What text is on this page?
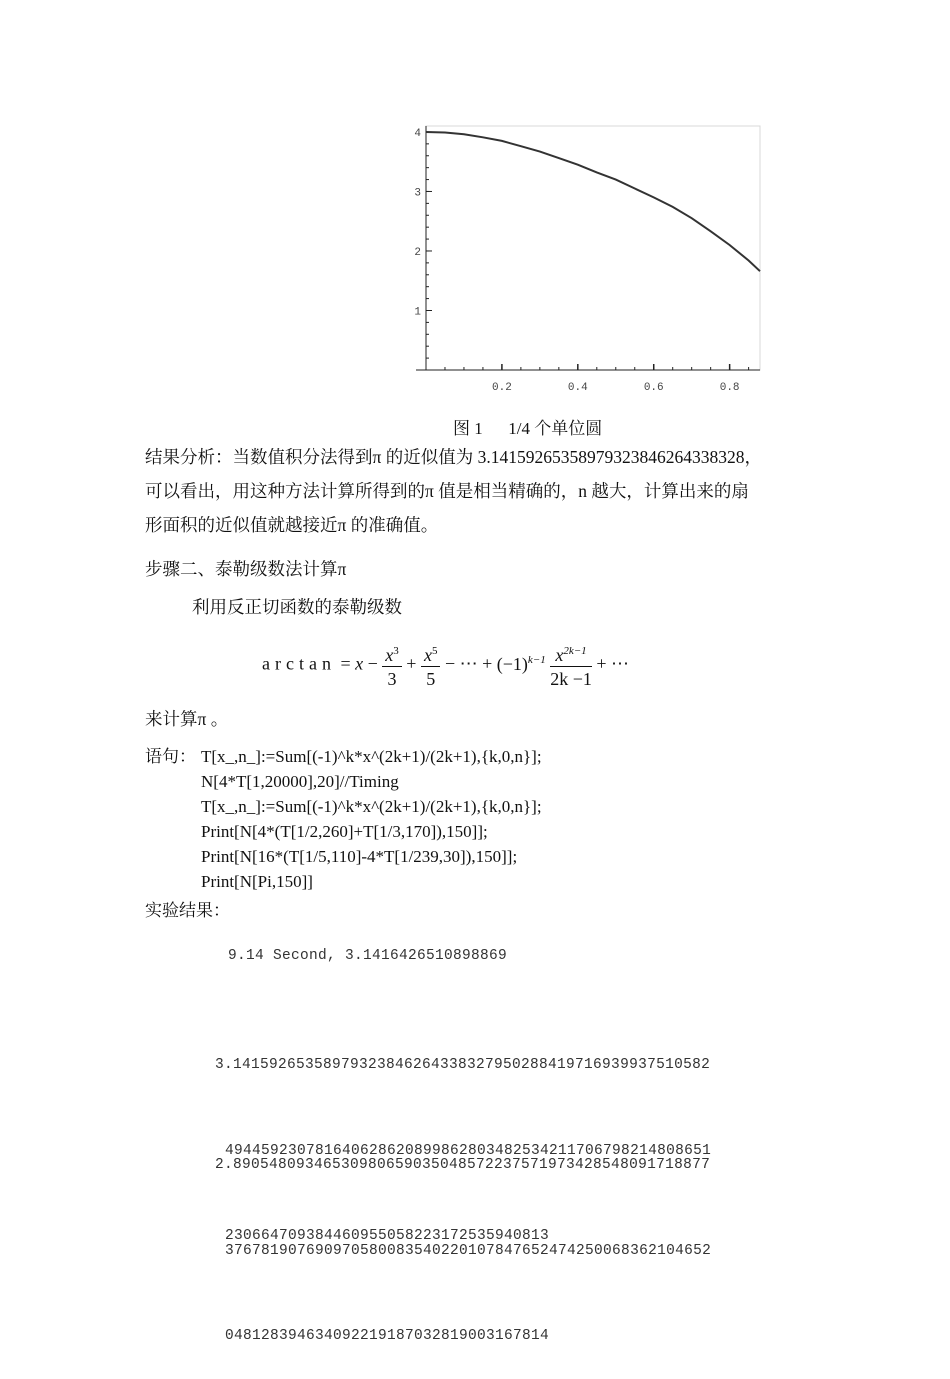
1
2
3
4
0.2	0.4	0.6	0.8
图 1      1/4 个单位圆
结果分析：当数值积分法得到π 的近似值为 3.14159265358979323846264338328，
可以看出，用这种方法计算所得到的π 值是相当精确的，n 越大，计算出来的扇
形面积的近似值就越接近π 的准确值。
步骤二、泰勒级数法计算π
利用反正切函数的泰勒级数
$\arctan = x - \frac{x^3}{3} + \frac{x^5}{5}$ − ⋯ + $(-1)^{k-1} \frac{x^{2k-1}}{2k -1}$ + ⋯
来计算π 。
语句： T[x_,n_]:=Sum[(-1)^k*x^(2k+1)/(2k+1),{k,0,n}];
N[4*T[1,20000],20]//Timing
T[x_,n_]:=Sum[(-1)^k*x^(2k+1)/(2k+1),{k,0,n}];
Print[N[4*(T[1/2,260]+T[1/3,170]),150]];
Print[N[16*(T[1/5,110]-4*T[1/239,30]),150]];
Print[N[Pi,150]]
实验结果：
9.14 Second, 3.1416426510898869

3.14159265358979323846264338327950288419716939937510582

494459230781640628620899862803482534211706798214808651

230664709384460955058223172535940813

2.89054809346530980659035048572237571973428548091718877

376781907690970580083540220107847652474250068362104652

048128394634092219187032819003167814
